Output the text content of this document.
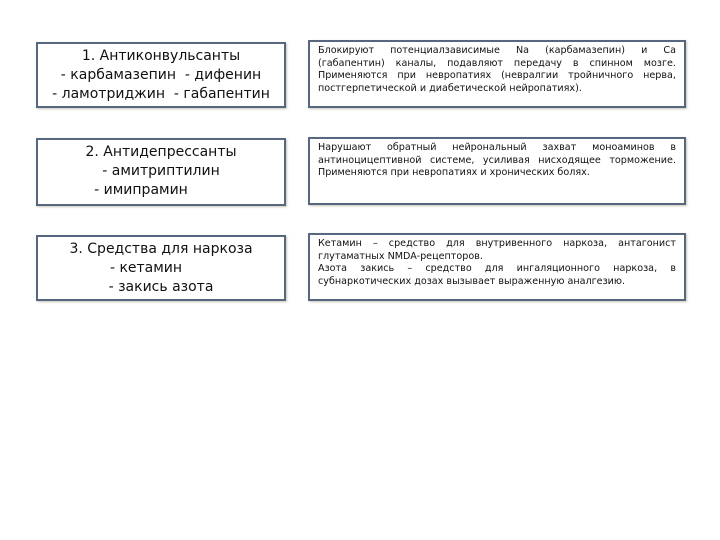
1. Антиконвульсанты
- карбамазепин  - дифенин
- ламотриджин  - габапентин
Блокируют потенциалзависимые Na (карбамазепин) и Ca (габапентин) каналы, подавляют передачу в спинном мозге. Применяются при невропатиях (невралгии тройничного нерва, постгерпетической и диабетической нейропатиях).
2. Антидепрессанты
- амитриптилин
- имипрамин
Нарушают обратный нейрональный захват моноаминов в антиноцицептивной системе, усиливая нисходящее торможение. Применяются при невропатиях и хронических болях.
3. Средства для наркоза
- кетамин
- закись азота
Кетамин – средство для внутривенного наркоза, антагонист глутаматных NMDA-рецепторов.
Азота закись – средство для ингаляционного наркоза, в субнаркотических дозах вызывает выраженную аналгезию.
